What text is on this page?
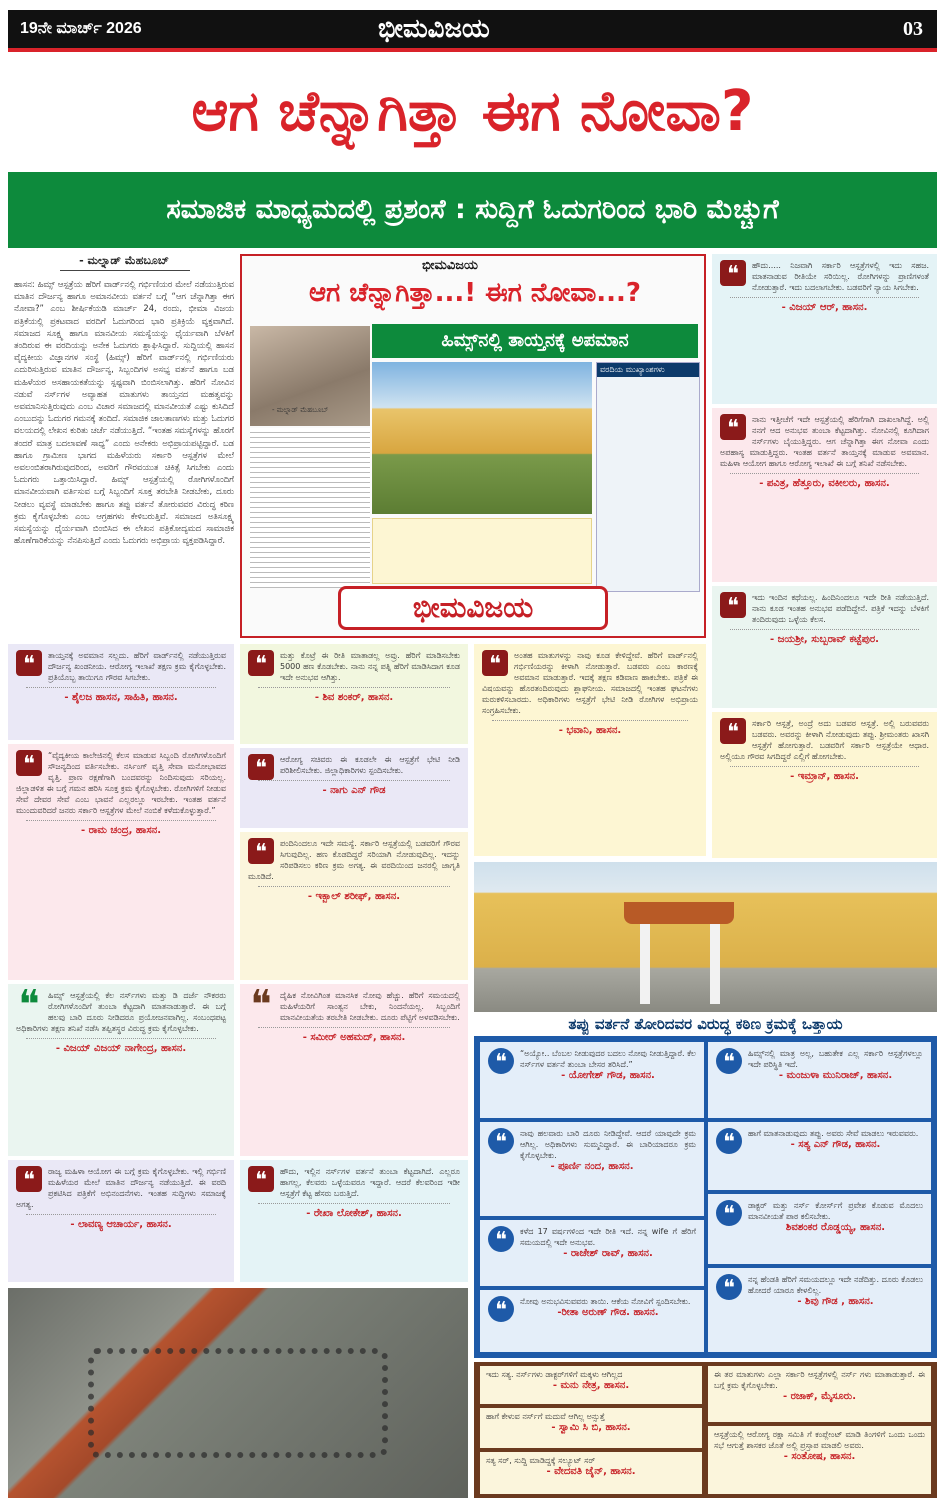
19ನೇ ಮಾರ್ಚ್ 2026	ಭೀಮವಿಜಯ	03
ಆಗ ಚೆನ್ನಾಗಿತ್ತಾ ಈಗ ನೋವಾ?
ಸಮಾಜಿಕ ಮಾಧ್ಯಮದಲ್ಲಿ ಪ್ರಶಂಸೆ : ಸುದ್ದಿಗೆ ಓದುಗರಿಂದ ಭಾರಿ ಮೆಚ್ಚುಗೆ
- ಮಲ್ನಾಡ್ ಮೆಹಬೂಬ್
ಹಾಸನ: ಹಿಮ್ಸ್ ಆಸ್ಪತ್ರೆಯ ಹೆರಿಗೆ ವಾರ್ಡ್‌ನಲ್ಲಿ ಗರ್ಭಿಣಿಯರ ಮೇಲೆ ನಡೆಯುತ್ತಿರುವ ಮಾತಿನ ದೌರ್ಜನ್ಯ ಹಾಗೂ ಅಮಾನವೀಯ ವರ್ತನೆ ಬಗ್ಗೆ “ಆಗ ಚೆನ್ನಾಗಿತ್ತಾ ಈಗ ನೋವಾ?” ಎಂಬ ಶೀರ್ಷಿಕೆಯಡಿ ಮಾರ್ಚ್ 24, ರಂದು, ಭೀಮಾ ವಿಜಯ ಪತ್ರಿಕೆಯಲ್ಲಿ ಪ್ರಕಟವಾದ ವರದಿಗೆ ಓದುಗರಿಂದ ಭಾರಿ ಪ್ರತಿಕ್ರಿಯೆ ವ್ಯಕ್ತವಾಗಿದೆ. ಸಮಾಜದ ಸೂಕ್ಷ್ಮ ಹಾಗೂ ಮಾನವೀಯ ಸಮಸ್ಯೆಯನ್ನು ಧೈರ್ಯವಾಗಿ ಬೆಳಕಿಗೆ ತಂದಿರುವ ಈ ವರದಿಯನ್ನು ಅನೇಕ ಓದುಗರು ಶ್ಲಾಘಿಸಿದ್ದಾರೆ. ಸುದ್ದಿಯಲ್ಲಿ ಹಾಸನ ವೈದ್ಯಕೀಯ ವಿಜ್ಞಾನಗಳ ಸಂಸ್ಥೆ (ಹಿಮ್ಸ್) ಹೆರಿಗೆ ವಾರ್ಡ್‌ನಲ್ಲಿ ಗರ್ಭಿಣಿಯರು ಎದುರಿಸುತ್ತಿರುವ ಮಾತಿನ ದೌರ್ಜನ್ಯ, ಸಿಬ್ಬಂದಿಗಳ ಅಸಭ್ಯ ವರ್ತನೆ ಹಾಗೂ ಬಡ ಮಹಿಳೆಯರ ಅಸಹಾಯಕತೆಯನ್ನು ಸ್ಪಷ್ಟವಾಗಿ ಬಿಂಬಿಸಲಾಗಿತ್ತು. ಹೆರಿಗೆ ನೋವಿನ ನಡುವೆ ನರ್ಸ್‌ಗಳ ಅವ್ಯಾಹತ ಮಾತುಗಳು ತಾಯ್ತನದ ಮಹತ್ವವನ್ನು ಅವಮಾನಿಸುತ್ತಿರುವುದು ಎಂಬ ವಿಚಾರ ಸಮಾಜದಲ್ಲಿ ಮಾನವೀಯತೆ ಎಷ್ಟು ಕುಸಿದಿದೆ ಎಂಬುದನ್ನು ಓದುಗರ ಗಮನಕ್ಕೆ ತಂದಿದೆ. ಸಮಾಜಿಕ ಜಾಲತಾಣಗಳು ಮತ್ತು ಓದುಗರ ವಲಯದಲ್ಲಿ ಲೇಖನ ಕುರಿತು ಚರ್ಚೆ ನಡೆಯುತ್ತಿದೆ. “ಇಂತಹ ಸಮಸ್ಯೆಗಳನ್ನು ಹೊರಗೆ ತಂದರೆ ಮಾತ್ರ ಬದಲಾವಣೆ ಸಾಧ್ಯ” ಎಂದು ಅನೇಕರು ಅಭಿಪ್ರಾಯಪಟ್ಟಿದ್ದಾರೆ. ಬಡ ಹಾಗೂ ಗ್ರಾಮೀಣ ಭಾಗದ ಮಹಿಳೆಯರು ಸರ್ಕಾರಿ ಆಸ್ಪತ್ರೆಗಳ ಮೇಲೆ ಅವಲಂಬಿತರಾಗಿರುವುದರಿಂದ, ಅವರಿಗೆ ಗೌರವಯುತ ಚಿಕಿತ್ಸೆ ಸಿಗಬೇಕು ಎಂದು ಓದುಗರು ಒತ್ತಾಯಿಸಿದ್ದಾರೆ. ಹಿಮ್ಸ್ ಆಸ್ಪತ್ರೆಯಲ್ಲಿ ರೋಗಿಗಳೊಂದಿಗೆ ಮಾನವೀಯವಾಗಿ ವರ್ತಿಸುವ ಬಗ್ಗೆ ಸಿಬ್ಬಂದಿಗೆ ಸೂಕ್ತ ತರಬೇತಿ ನೀಡಬೇಕು, ದೂರು ನೀಡಲು ವ್ಯವಸ್ಥೆ ಮಾಡಬೇಕು ಹಾಗೂ ತಪ್ಪು ವರ್ತನೆ ತೋರುವವರ ವಿರುದ್ಧ ಕಠಿಣ ಕ್ರಮ ಕೈಗೊಳ್ಳಬೇಕು ಎಂಬ ಆಗ್ರಹಗಳು ಕೇಳಿಬರುತ್ತಿವೆ. ಸಮಾಜದ ಅತಿಸೂಕ್ಷ್ಮ ಸಮಸ್ಯೆಯನ್ನು ಧೈರ್ಯವಾಗಿ ಬಿಂಬಿಸಿದ ಈ ಲೇಖನ ಪತ್ರಿಕೋದ್ಯಮದ ಸಾಮಾಜಿಕ ಹೊಣೆಗಾರಿಕೆಯನ್ನು ನೆನಪಿಸುತ್ತಿದೆ ಎಂದು ಓದುಗರು ಅಭಿಪ್ರಾಯ ವ್ಯಕ್ತಪಡಿಸಿದ್ದಾರೆ.
ಭೀಮವಿಜಯ
ಆಗ ಚೆನ್ನಾಗಿತ್ತಾ...! ಈಗ ನೋವಾ...?
ಹಿಮ್ಸ್‌ನಲ್ಲಿ ತಾಯ್ತನಕ್ಕೆ ಅಪಮಾನ
ವರದಿಯ ಮುಖ್ಯಾಂಶಗಳು
- ಮಲ್ನಾಡ್ ಮೆಹಬೂಬ್
ಭೀಮವಿಜಯ
❝	ಹೌದು..... ನಿಜವಾಗಿ ಸರ್ಕಾರಿ ಆಸ್ಪತ್ರೆಗಳಲ್ಲಿ ಇದು ಸಹಜ. ಮಾತನಾಡುವ ರೀತಿಯೇ ಸರಿಯಿಲ್ಲ. ರೋಗಿಗಳನ್ನು ಪ್ರಾಣಿಗಳಂತೆ ನೋಡುತ್ತಾರೆ. ಇದು ಬದಲಾಗಬೇಕು. ಬಡವರಿಗೆ ನ್ಯಾಯ ಸಿಗಬೇಕು.
- ವಿಜಯ್ ಆರ್, ಹಾಸನ.
❝	ನಾನು ಇತ್ತೀಚೆಗೆ ಇದೇ ಆಸ್ಪತ್ರೆಯಲ್ಲಿ ಹೆರಿಗೆಗಾಗಿ ದಾಖಲಾಗಿದ್ದೆ. ಅಲ್ಲಿ ನನಗೆ ಆದ ಅನುಭವ ತುಂಬಾ ಕೆಟ್ಟದಾಗಿತ್ತು. ನೋವಿನಲ್ಲಿ ಕೂಗಿದಾಗ ನರ್ಸ್‌ಗಳು ಬೈಯುತ್ತಿದ್ದರು. ಆಗ ಚೆನ್ನಾಗಿತ್ತಾ ಈಗ ನೋವಾ ಎಂದು ಅಪಹಾಸ್ಯ ಮಾಡುತ್ತಿದ್ದರು. ಇಂತಹ ವರ್ತನೆ ತಾಯ್ತನಕ್ಕೆ ಮಾಡುವ ಅವಮಾನ. ಮಹಿಳಾ ಆಯೋಗ ಹಾಗೂ ಆರೋಗ್ಯ ಇಲಾಖೆ ಈ ಬಗ್ಗೆ ತನಿಖೆ ನಡೆಸಬೇಕು.
- ಪವಿತ್ರ, ಹೆತ್ತೂರು, ವಕೀಲರು, ಹಾಸನ.
❝	ಇದು ಇಂದಿನ ಕಥೆಯಲ್ಲ. ಹಿಂದಿನಿಂದಲೂ ಇದೇ ರೀತಿ ನಡೆಯುತ್ತಿದೆ. ನಾನು ಕೂಡ ಇಂತಹ ಅನುಭವ ಪಡೆದಿದ್ದೇನೆ. ಪತ್ರಿಕೆ ಇದನ್ನು ಬೆಳಕಿಗೆ ತಂದಿರುವುದು ಒಳ್ಳೆಯ ಕೆಲಸ.
- ಜಯಶ್ರೀ, ಸುಬ್ಬರಾವ್ ಕಟ್ಟೆಪುರ.
❝	ಸರ್ಕಾರಿ ಆಸ್ಪತ್ರೆ, ಅಂದ್ರೆ ಅದು ಬಡವರ ಆಸ್ಪತ್ರೆ. ಅಲ್ಲಿ ಬರುವವರು ಬಡವರು. ಅವರನ್ನು ಕೀಳಾಗಿ ನೋಡುವುದು ತಪ್ಪು. ಶ್ರೀಮಂತರು ಖಾಸಗಿ ಆಸ್ಪತ್ರೆಗೆ ಹೋಗುತ್ತಾರೆ. ಬಡವರಿಗೆ ಸರ್ಕಾರಿ ಆಸ್ಪತ್ರೆಯೇ ಆಧಾರ. ಅಲ್ಲಿಯೂ ಗೌರವ ಸಿಗದಿದ್ದರೆ ಎಲ್ಲಿಗೆ ಹೋಗಬೇಕು.
- ಇಮ್ರಾನ್, ಹಾಸನ.
❝	ತಾಯ್ತನಕ್ಕೆ ಅವಮಾನ ಸಲ್ಲದು. ಹೆರಿಗೆ ವಾರ್ಡ್‌ನಲ್ಲಿ ನಡೆಯುತ್ತಿರುವ ದೌರ್ಜನ್ಯ ಖಂಡನೀಯ. ಆರೋಗ್ಯ ಇಲಾಖೆ ತಕ್ಷಣ ಕ್ರಮ ಕೈಗೊಳ್ಳಬೇಕು. ಪ್ರತಿಯೊಬ್ಬ ತಾಯಿಗೂ ಗೌರವ ಸಿಗಬೇಕು.
- ಶೈಲಜ ಹಾಸನ, ಸಾಹಿತಿ, ಹಾಸನ.
❝	“ವೈದ್ಯಕೀಯ ಕಾಲೇಜಿನಲ್ಲಿ ಕೆಲಸ ಮಾಡುವ ಸಿಬ್ಬಂದಿ ರೋಗಿಗಳೊಂದಿಗೆ ಸೌಜನ್ಯದಿಂದ ವರ್ತಿಸಬೇಕು. ನರ್ಸಿಂಗ್ ವೃತ್ತಿ ಸೇವಾ ಮನೋಭಾವದ ವೃತ್ತಿ. ಪ್ರಾಣ ರಕ್ಷಣೆಗಾಗಿ ಬಂದವರನ್ನು ನಿಂದಿಸುವುದು ಸರಿಯಲ್ಲ. ಜಿಲ್ಲಾಡಳಿತ ಈ ಬಗ್ಗೆ ಗಮನ ಹರಿಸಿ ಸೂಕ್ತ ಕ್ರಮ ಕೈಗೊಳ್ಳಬೇಕು. ರೋಗಿಗಳಿಗೆ ನೀಡುವ ಸೇವೆ ದೇವರ ಸೇವೆ ಎಂಬ ಭಾವನೆ ಎಲ್ಲರಲ್ಲೂ ಇರಬೇಕು. ಇಂತಹ ವರ್ತನೆ ಮುಂದುವರಿದರೆ ಜನರು ಸರ್ಕಾರಿ ಆಸ್ಪತ್ರೆಗಳ ಮೇಲೆ ನಂಬಿಕೆ ಕಳೆದುಕೊಳ್ಳುತ್ತಾರೆ.”
- ರಾಮ ಚಂದ್ರ, ಹಾಸನ.
❝	ಹಿಮ್ಸ್ ಆಸ್ಪತ್ರೆಯಲ್ಲಿ ಕೆಲ ನರ್ಸ್‌ಗಳು ಮತ್ತು ಡಿ ದರ್ಜೆ ನೌಕರರು ರೋಗಿಗಳೊಂದಿಗೆ ತುಂಬಾ ಕೆಟ್ಟದಾಗಿ ಮಾತನಾಡುತ್ತಾರೆ. ಈ ಬಗ್ಗೆ ಹಲವು ಬಾರಿ ದೂರು ನೀಡಿದರೂ ಪ್ರಯೋಜನವಾಗಿಲ್ಲ. ಸಂಬಂಧಪಟ್ಟ ಅಧಿಕಾರಿಗಳು ತಕ್ಷಣ ತನಿಖೆ ನಡೆಸಿ ತಪ್ಪಿತಸ್ಥರ ವಿರುದ್ಧ ಕ್ರಮ ಕೈಗೊಳ್ಳಬೇಕು.
- ವಿಜಯ್ ವಿಜಯ್ ನಾಗೇಂದ್ರ, ಹಾಸನ.
❝	ರಾಜ್ಯ ಮಹಿಳಾ ಆಯೋಗ ಈ ಬಗ್ಗೆ ಕ್ರಮ ಕೈಗೊಳ್ಳಬೇಕು. ಇಲ್ಲಿ ಗರ್ಭಿಣಿ ಮಹಿಳೆಯರ ಮೇಲೆ ಮಾತಿನ ದೌರ್ಜನ್ಯ ನಡೆಯುತ್ತಿದೆ. ಈ ವರದಿ ಪ್ರಕಟಿಸಿದ ಪತ್ರಿಕೆಗೆ ಅಭಿನಂದನೆಗಳು. ಇಂತಹ ಸುದ್ದಿಗಳು ಸಮಾಜಕ್ಕೆ ಅಗತ್ಯ.
- ಲಾವಣ್ಯ ಆಚಾರ್ಯ, ಹಾಸನ.
❝	ಮತ್ತು ಕೊಟ್ರೆ ಈ ರೀತಿ ಮಾತಾಡಲ್ಲ ಅವ್ರು. ಹೆರಿಗೆ ಮಾಡಿಸಬೇಕು 5000 ಹಣ ಕೊಡಬೇಕು. ನಾನು ನನ್ನ ಪತ್ನಿ ಹೆರಿಗೆ ಮಾಡಿಸಿದಾಗ ಕೂಡ ಇದೇ ಅನುಭವ ಆಗಿತ್ತು.
- ಶಿವ ಶಂಕರ್, ಹಾಸನ.
❝	ಆರೋಗ್ಯ ಸಚಿವರು ಈ ಕೂಡಲೇ ಈ ಆಸ್ಪತ್ರೆಗೆ ಭೇಟಿ ನೀಡಿ ಪರಿಶೀಲಿಸಬೇಕು. ಜಿಲ್ಲಾಧಿಕಾರಿಗಳು ಸ್ಪಂದಿಸಬೇಕು.
- ನಾಗು ಎನ್ ಗೌಡ
❝	ಪಂದಿನಿಂದಲೂ ಇದೇ ಸಮಸ್ಯೆ. ಸರ್ಕಾರಿ ಆಸ್ಪತ್ರೆಯಲ್ಲಿ ಬಡವರಿಗೆ ಗೌರವ ಸಿಗುವುದಿಲ್ಲ. ಹಣ ಕೊಡದಿದ್ದರೆ ಸರಿಯಾಗಿ ನೋಡುವುದಿಲ್ಲ. ಇದನ್ನು ಸರಿಪಡಿಸಲು ಕಠಿಣ ಕ್ರಮ ಅಗತ್ಯ. ಈ ವರದಿಯಿಂದ ಜನರಲ್ಲಿ ಜಾಗೃತಿ ಮೂಡಿದೆ.
- ಇಕ್ಬಾಲ್ ಶರೀಫ್, ಹಾಸನ.
❝	ದೈಹಿಕ ನೋವಿಗಿಂತ ಮಾನಸಿಕ ನೋವು ಹೆಚ್ಚು. ಹೆರಿಗೆ ಸಮಯದಲ್ಲಿ ಮಹಿಳೆಯರಿಗೆ ಸಾಂತ್ವನ ಬೇಕು, ನಿಂದನೆಯಲ್ಲ. ಸಿಬ್ಬಂದಿಗೆ ಮಾನವೀಯತೆಯ ತರಬೇತಿ ನೀಡಬೇಕು. ದೂರು ಪೆಟ್ಟಿಗೆ ಅಳವಡಿಸಬೇಕು.
- ಸಮೀರ್ ಅಹಮದ್, ಹಾಸನ.
❝	ಹೌದು, ಇಲ್ಲಿನ ನರ್ಸ್‌ಗಳ ವರ್ತನೆ ತುಂಬಾ ಕೆಟ್ಟದಾಗಿದೆ. ಎಲ್ಲರೂ ಹಾಗಲ್ಲ, ಕೆಲವರು ಒಳ್ಳೆಯವರೂ ಇದ್ದಾರೆ. ಆದರೆ ಕೆಲವರಿಂದ ಇಡೀ ಆಸ್ಪತ್ರೆಗೆ ಕೆಟ್ಟ ಹೆಸರು ಬರುತ್ತಿದೆ.
- ರೇಖಾ ಲೋಕೇಶ್, ಹಾಸನ.
❝	ಅಂತಹ ಮಾತುಗಳನ್ನು ನಾವು ಕೂಡ ಕೇಳಿದ್ದೇವೆ. ಹೆರಿಗೆ ವಾರ್ಡ್‌ನಲ್ಲಿ ಗರ್ಭಿಣಿಯರನ್ನು ಕೀಳಾಗಿ ನೋಡುತ್ತಾರೆ. ಬಡವರು ಎಂಬ ಕಾರಣಕ್ಕೆ ಅವಮಾನ ಮಾಡುತ್ತಾರೆ. ಇದಕ್ಕೆ ತಕ್ಷಣ ಕಡಿವಾಣ ಹಾಕಬೇಕು. ಪತ್ರಿಕೆ ಈ ವಿಷಯವನ್ನು ಹೊರತಂದಿರುವುದು ಶ್ಲಾಘನೀಯ. ಸಮಾಜದಲ್ಲಿ ಇಂತಹ ಘಟನೆಗಳು ಮರುಕಳಿಸಬಾರದು. ಅಧಿಕಾರಿಗಳು ಆಸ್ಪತ್ರೆಗೆ ಭೇಟಿ ನೀಡಿ ರೋಗಿಗಳ ಅಭಿಪ್ರಾಯ ಸಂಗ್ರಹಿಸಬೇಕು.
- ಭವಾನಿ, ಹಾಸನ.
ತಪ್ಪು ವರ್ತನೆ ತೋರಿದವರ ವಿರುದ್ಧ ಕಠಿಣ ಕ್ರಮಕ್ಕೆ ಒತ್ತಾಯ
❝	“ಅಯ್ಯೋ.. ಬೆಂಬಲ ನೀಡುವುದರ ಬದಲು ನೋವು ನೀಡುತ್ತಿದ್ದಾರೆ. ಕೆಲ ನರ್ಸ್‌ಗಳ ವರ್ತನೆ ತುಂಬಾ ಬೇಸರ ತರಿಸಿದೆ.”
- ಯೋಗೇಶ್ ಗೌಡ, ಹಾಸನ.
❝	ನಾವು ಹಲವಾರು ಬಾರಿ ದೂರು ನೀಡಿದ್ದೇವೆ. ಆದರೆ ಯಾವುದೇ ಕ್ರಮ ಆಗಿಲ್ಲ. ಅಧಿಕಾರಿಗಳು ಸುಮ್ಮನಿದ್ದಾರೆ. ಈ ಬಾರಿಯಾದರೂ ಕ್ರಮ ಕೈಗೊಳ್ಳಬೇಕು.
- ಪೂರ್ಣಿ ನಂದ, ಹಾಸನ.
❝	ಕಳೆದ 17 ವರ್ಷಗಳಿಂದ ಇದೇ ರೀತಿ ಇದೆ. ನನ್ನ wife ಗೆ ಹೆರಿಗೆ ಸಮಯದಲ್ಲಿ ಇದೇ ಅನುಭವ.
- ರಾಜೇಶ್ ರಾವ್, ಹಾಸನ.
❝	ನೋವು ಅನುಭವಿಸುವವರು ತಾಯಿ. ಆಕೆಯ ನೋವಿಗೆ ಸ್ಪಂದಿಸಬೇಕು.
-ರೀತಾ ಅರುಣ್ ಗೌಡ. ಹಾಸನ.
❝	ಹಿಮ್ಸ್‌ನಲ್ಲಿ ಮಾತ್ರ ಅಲ್ಲ, ಬಹುತೇಕ ಎಲ್ಲ ಸರ್ಕಾರಿ ಆಸ್ಪತ್ರೆಗಳಲ್ಲೂ ಇದೇ ಪರಿಸ್ಥಿತಿ ಇದೆ.
- ಮಂಜುಳಾ ಮುನಿರಾಜ್, ಹಾಸನ.
❝	ಹಾಗೆ ಮಾತನಾಡುವುದು ತಪ್ಪು. ಅವರು ಸೇವೆ ಮಾಡಲು ಇರುವವರು.
- ಸತ್ಯ ಎನ್ ಗೌಡ, ಹಾಸನ.
❝	ಡಾಕ್ಟರ್ ಮತ್ತು ನರ್ಸ್ ಕೋರ್ಸ್‌ಗೆ ಪ್ರವೇಶ ಕೊಡುವ ಮೊದಲು ಮಾನವೀಯತೆ ಪಾಠ ಕಲಿಸಬೇಕು.
ಶಿವಶಂಕರ ರೊಡ್ಡಯ್ಯ, ಹಾಸನ.
❝	ನನ್ನ ಹೆಂಡತಿ ಹೆರಿಗೆ ಸಮಯದಲ್ಲೂ ಇದೇ ನಡೆದಿತ್ತು. ದೂರು ಕೊಡಲು ಹೋದರೆ ಯಾರೂ ಕೇಳಲಿಲ್ಲ.
- ಶಿವು ಗೌಡ , ಹಾಸನ.
ಇದು ಸತ್ಯ. ನರ್ಸ್‌ಗಳು ಡಾಕ್ಟರ್‌ಗಳಿಗೆ ಮಕ್ಕಳು ಆಗಿಲ್ಲದ
- ಮನು ನೇತ್ರ, ಹಾಸನ.
ಹಾಗೆ ಕೇಳುವ ನರ್ಸ್‌ಗೆ ಮದುವೆ ಆಗಿಲ್ಲ ಅನ್ಸುತ್ತೆ
- ಸ್ವಾಮಿ ಸಿ ಬಿ, ಹಾಸನ.
ಸತ್ಯ ಸರ್, ಸುದ್ದಿ ಮಾಡಿದ್ದಕ್ಕೆ ಸಲ್ಯೂಟ್ ಸರ್
- ವೇದವತಿ ಜೈನ್, ಹಾಸನ.
ಈ ತರ ಮಾತುಗಳು ಎಲ್ಲಾ ಸರ್ಕಾರಿ ಆಸ್ಪತ್ರೆಗಳಲ್ಲಿ ನರ್ಸ್ ಗಳು ಮಾತಾಡುತ್ತಾರೆ. ಈ ಬಗ್ಗೆ ಕ್ರಮ ಕೈಗೊಳ್ಳಬೇಕು.
- ರಜಾಕ್, ಮೈಸೂರು.
ಆಸ್ಪತ್ರೆಯಲ್ಲಿ ಆರೋಗ್ಯ ರಕ್ಷಾ ಸಮಿತಿ ಗೆ ಕಂಪ್ಲೇಂಟ್ ಮಾಡಿ ತಿಂಗಳಿಗೆ ಒಂದು ಒಂದು ಸಭೆ ಆಗುತ್ತೆ ಶಾಸಕರ ಜೊತೆ ಅಲ್ಲಿ ಪ್ರಸ್ತಾಪ ಮಾಡಲಿ ಅವರು.
- ಸಂತೋಷ, ಹಾಸನ.
